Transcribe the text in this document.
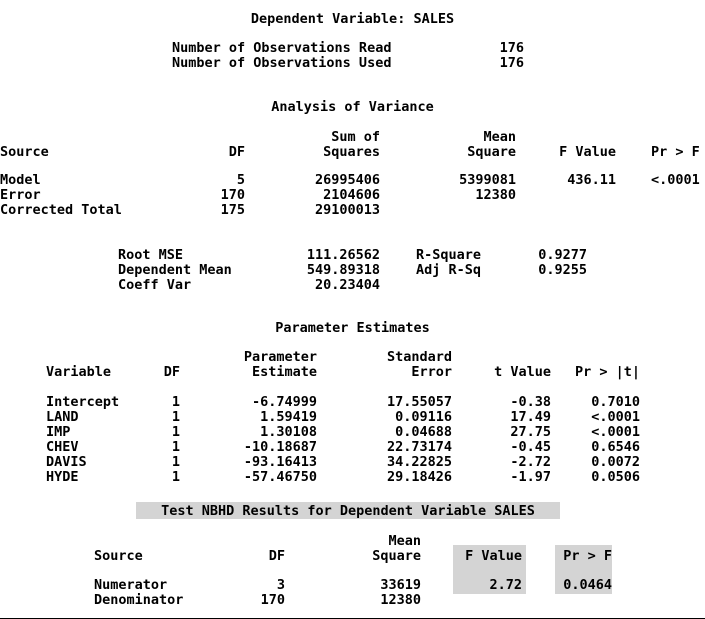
Dependent Variable: SALES
Number of Observations Read	176
Number of Observations Used	176
Analysis of Variance
Sum of	Mean
Source	DF	Squares	Square	F Value	Pr > F
Model	5	26995406	5399081	436.11	<.0001
Error	170	2104606	12380
Corrected Total	175	29100013
Root MSE	111.26562	R-Square	0.9277
Dependent Mean	549.89318	Adj R-Sq	0.9255
Coeff Var	20.23404
Parameter Estimates
Parameter	Standard
Variable	DF	Estimate	Error	t Value	Pr > |t|
Intercept	1	-6.74999	17.55057	-0.38	0.7010
LAND	1	1.59419	0.09116	17.49	<.0001
IMP	1	1.30108	0.04688	27.75	<.0001
CHEV	1	-10.18687	22.73174	-0.45	0.6546
DAVIS	1	-93.16413	34.22825	-2.72	0.0072
HYDE	1	-57.46750	29.18426	-1.97	0.0506
Test NBHD Results for Dependent Variable SALES
Mean
Source	DF	Square	F Value	Pr > F
Numerator	3	33619	2.72	0.0464
Denominator	170	12380
